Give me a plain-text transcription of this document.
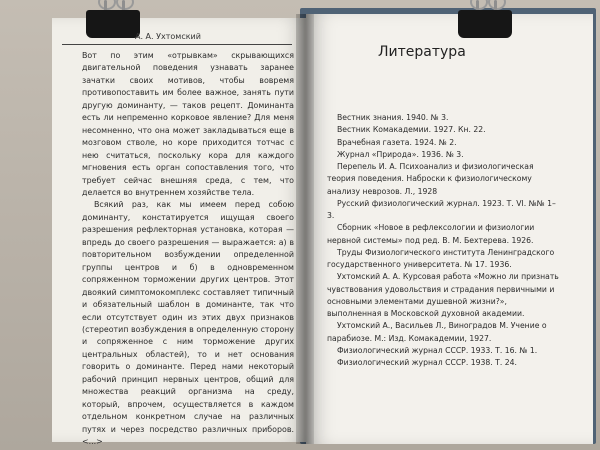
А. А. Ухтомский

Вот по этим «отрывкам» скрывающихся двигательной поведения узнавать заранее зачатки своих мотивов, чтобы вовремя противопоставить им более важное, занять пути другую доминанту, — таков рецепт. Доминанта есть ли непременно корковое явление? Для меня несомненно, что она может закладываться еще в мозговом стволе, но коре приходится тотчас с нею считаться, поскольку кора для каждого мгновения есть орган сопоставления того, что требует сейчас внешняя среда, с тем, что делается во внутреннем хозяйстве тела.

Всякий раз, как мы имеем перед собою доминанту, констатируется ищущая своего разрешения рефлекторная установка, которая — впредь до своего разрешения — выражается: а) в повторительном возбуждении определенной группы центров и б) в одновременном сопряженном торможении других центров. Этот двоякий симптомокомплекс составляет типичный и обязательный шаблон в доминанте, так что если отсутствует один из этих двух признаков (стереотип возбуждения в определенную сторону и сопряженное с ним торможение других центральных областей), то и нет основания говорить о доминанте. Перед нами некоторый рабочий принцип нервных центров, общий для множества реакций организма на среду, который, впрочем, осуществляется в каждом отдельном конкретном случае на различных путях и через посредство различных приборов. <...>

Литература

Вестник знания. 1940. № 3.

Вестник Комакадемии. 1927. Кн. 22.

Врачебная газета. 1924. № 2.

Журнал «Природа». 1936. № 3.

Перепель И. А. Психоанализ и физиологическая теория поведения. Наброски к физиологическому анализу неврозов. Л., 1928

Русский физиологический журнал. 1923. Т. VI. №№ 1–3.

Сборник «Новое в рефлексологии и физиологии нервной системы» под ред. В. М. Бехтерева. 1926.

Труды Физиологического института Ленинградского государственного университета. № 17. 1936.

Ухтомский А. А. Курсовая работа «Можно ли признать чувствования удовольствия и страдания первичными и основными элементами душевной жизни?», выполненная в Московской духовной академии.

Ухтомский А., Васильев Л., Виноградов М. Учение о парабиозе. М.: Изд. Комакадемии, 1927.

Физиологический журнал СССР. 1933. Т. 16. № 1.

Физиологический журнал СССР. 1938. Т. 24.
